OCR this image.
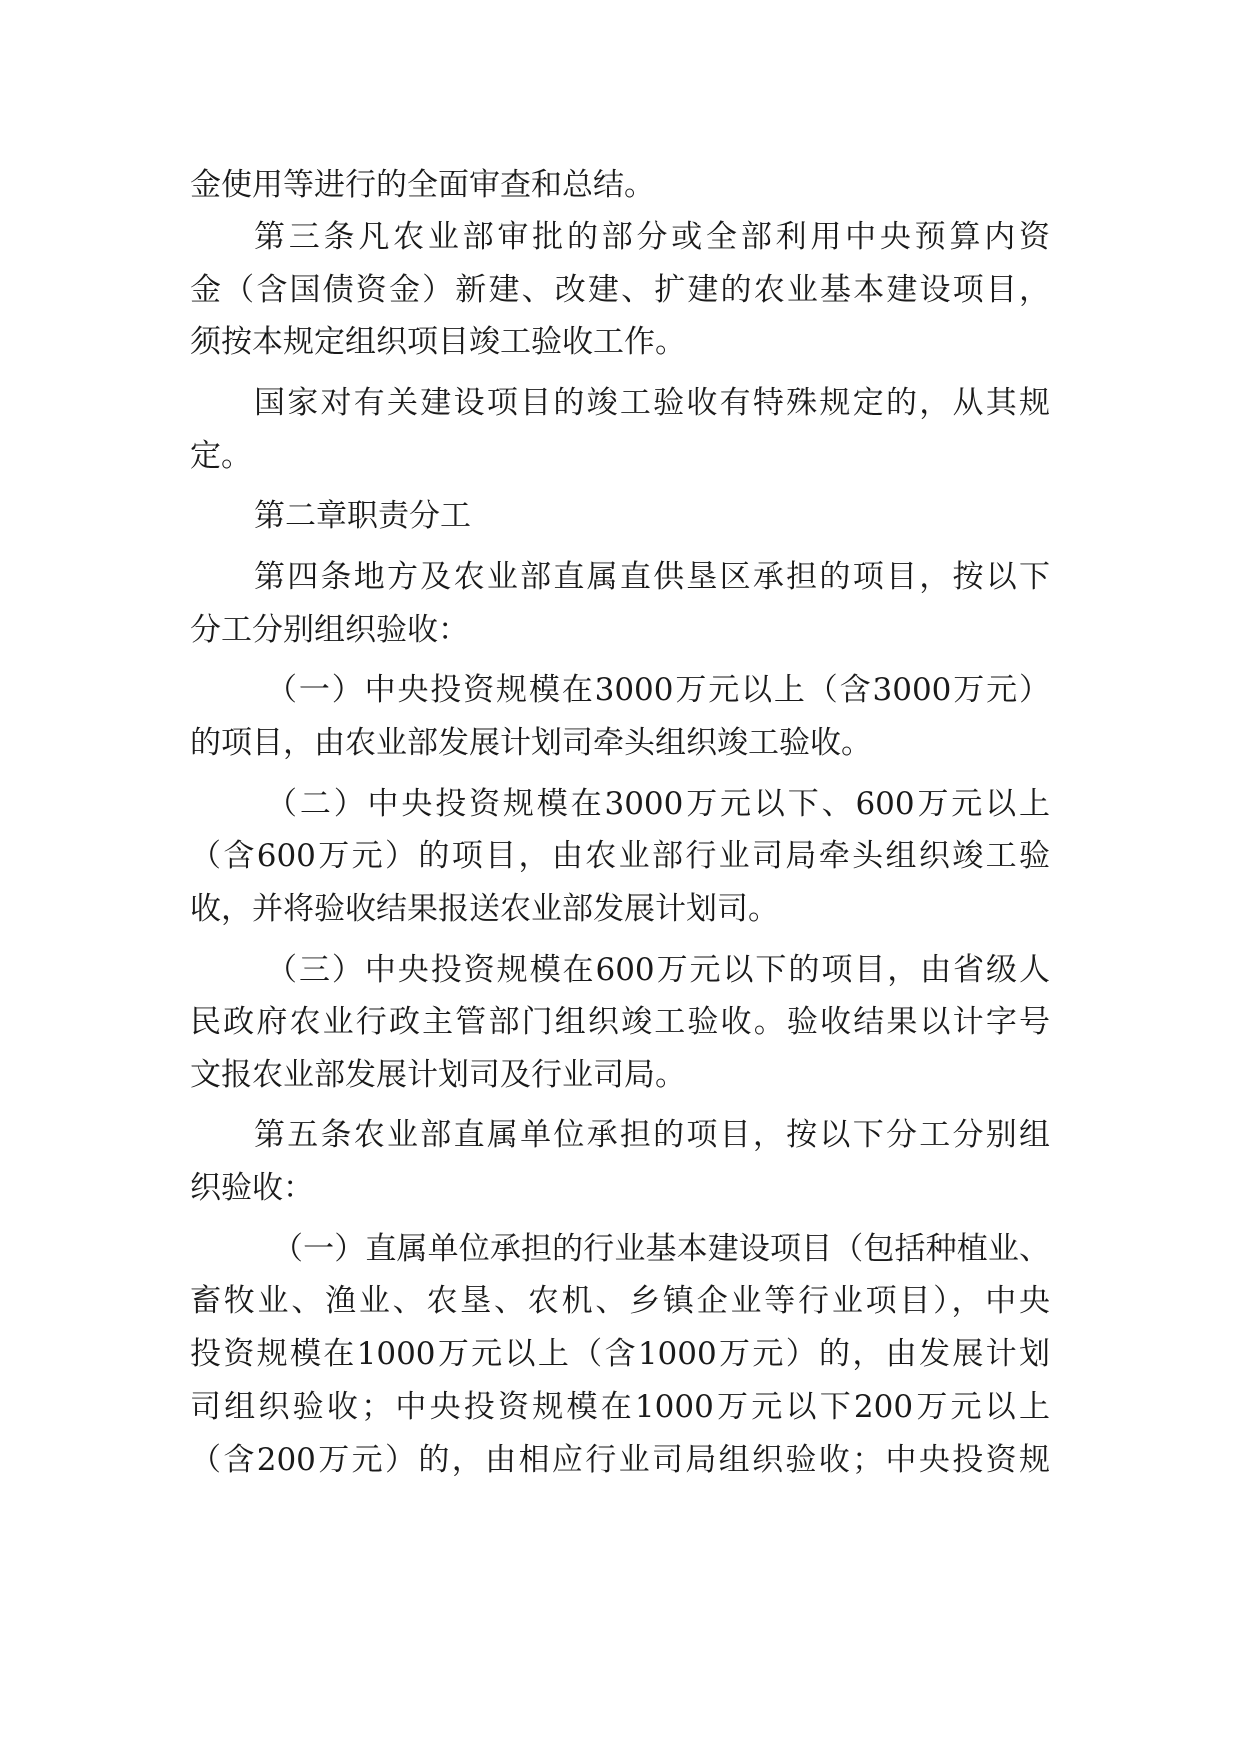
金使用等进行的全面审查和总结。
第三条凡农业部审批的部分或全部利用中央预算内资
金（含国债资金）新建、改建、扩建的农业基本建设项目，
须按本规定组织项目竣工验收工作。
国家对有关建设项目的竣工验收有特殊规定的，从其规
定。
第二章职责分工
第四条地方及农业部直属直供垦区承担的项目，按以下
分工分别组织验收：
（一）中央投资规模在3000万元以上（含3000万元）
的项目，由农业部发展计划司牵头组织竣工验收。
（二）中央投资规模在3000万元以下、600万元以上
（含600万元）的项目，由农业部行业司局牵头组织竣工验
收，并将验收结果报送农业部发展计划司。
（三）中央投资规模在600万元以下的项目，由省级人
民政府农业行政主管部门组织竣工验收。验收结果以计字号
文报农业部发展计划司及行业司局。
第五条农业部直属单位承担的项目，按以下分工分别组
织验收：
（一）直属单位承担的行业基本建设项目（包括种植业、
畜牧业、渔业、农垦、农机、乡镇企业等行业项目），中央
投资规模在1000万元以上（含1000万元）的，由发展计划
司组织验收；中央投资规模在1000万元以下200万元以上
（含200万元）的，由相应行业司局组织验收；中央投资规
